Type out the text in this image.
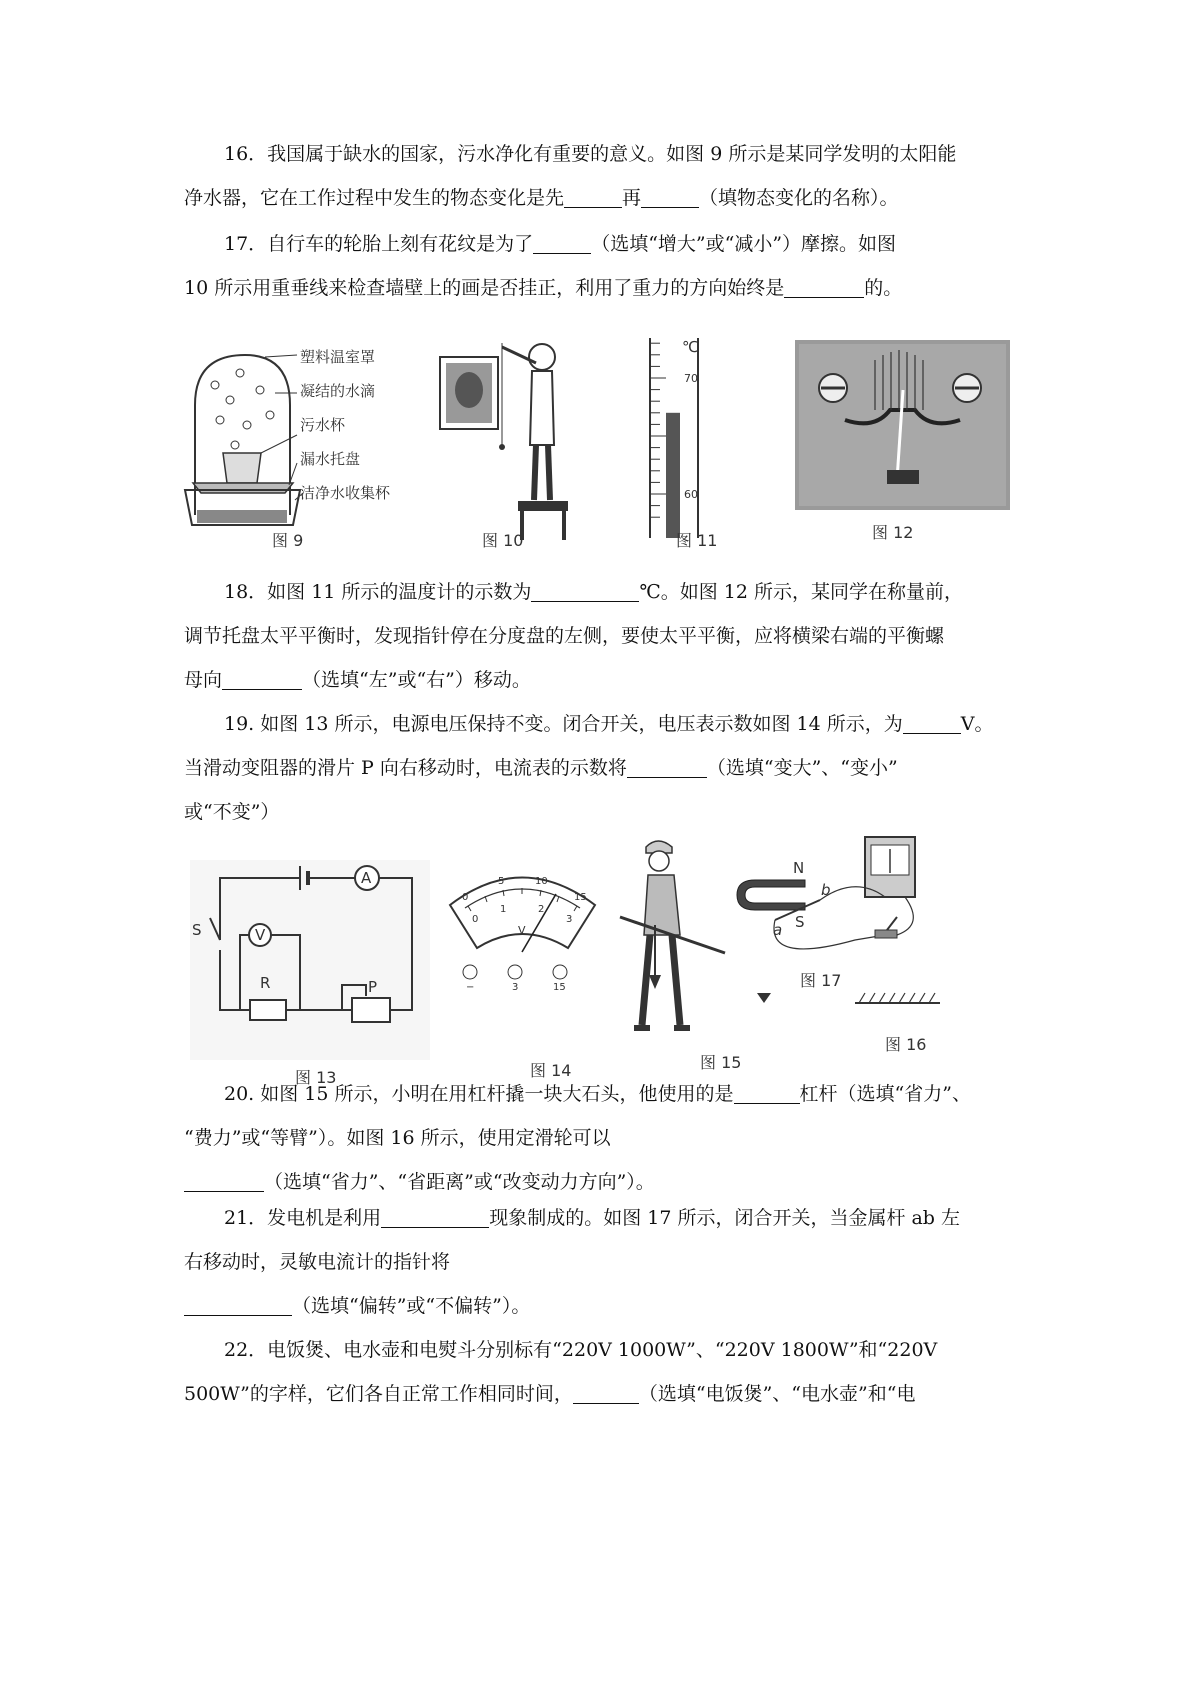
16．我国属于缺水的国家，污水净化有重要的意义。如图 9 所示是某同学发明的太阳能

净水器，它在工作过程中发生的物态变化是先	再	（填物态变化的名称）。

17．自行车的轮胎上刻有花纹是为了	（选填“增大”或“减小”）摩擦。如图

10 所示用重垂线来检查墙壁上的画是否挂正，利用了重力的方向始终是	的。

塑料温室罩
凝结的水滴
污水杯
漏水托盘
洁净水收集杯
图 9	图 10
℃
70
60
图 11	图 12

18．如图 11 所示的温度计的示数为	℃。如图 12 所示，某同学在称量前，

调节托盘太平平衡时，发现指针停在分度盘的左侧，要使太平平衡，应将横梁右端的平衡螺

母向	（选填“左”或“右”）移动。

19. 如图 13 所示，电源电压保持不变。闭合开关，电压表示数如图 14 所示，为	V。

当滑动变阻器的滑片 P 向右移动时，电流表的示数将	（选填“变大”、“变小”

或“不变”）

A
S
R	P
V
图 13
0
5	10
15
0
1	2
3
V
−	3	15
图 14	图 15
N
S
a
b
图 17
图 16

20. 如图 15 所示，小明在用杠杆撬一块大石头，他使用的是	杠杆（选填“省力”、

“费力”或“等臂”）。如图 16 所示，使用定滑轮可以

（选填“省力”、“省距离”或“改变动力方向”）。

21．发电机是利用	现象制成的。如图 17 所示，闭合开关，当金属杆 ab 左

右移动时，灵敏电流计的指针将

（选填“偏转”或“不偏转”）。

22．电饭煲、电水壶和电熨斗分别标有“220V 1000W”、“220V 1800W”和“220V

500W”的字样，它们各自正常工作相同时间，	（选填“电饭煲”、“电水壶”和“电
